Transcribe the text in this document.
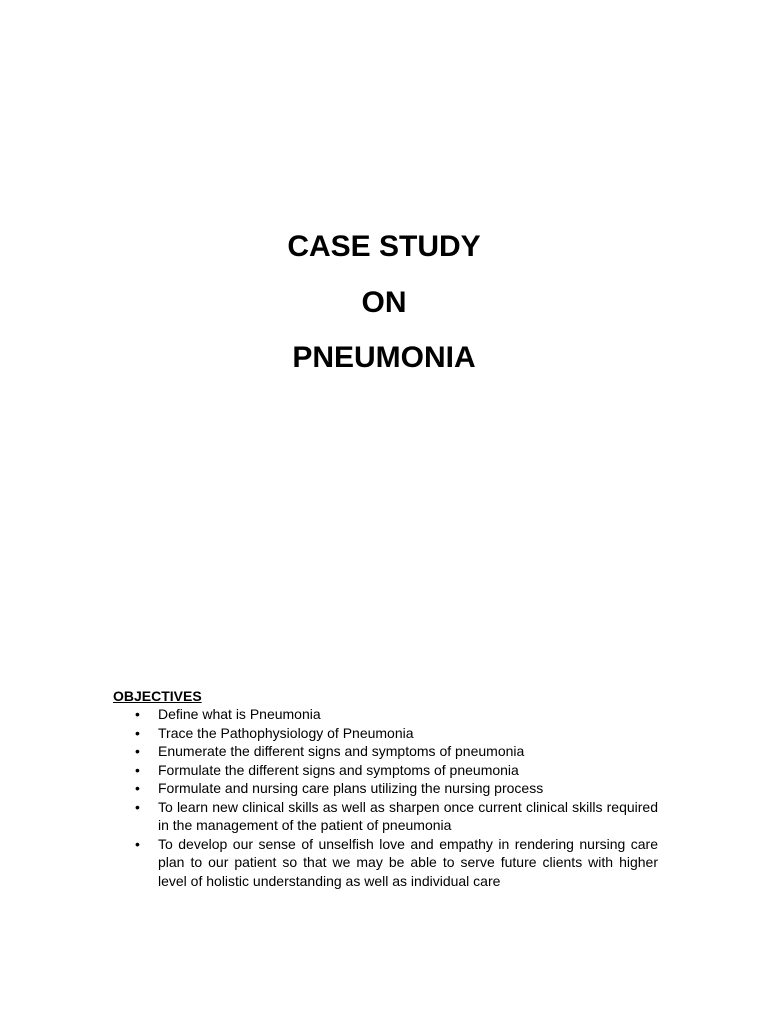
CASE STUDY
ON
PNEUMONIA
OBJECTIVES
• Define what is Pneumonia
• Trace the Pathophysiology of Pneumonia
• Enumerate the different signs and symptoms of pneumonia
• Formulate the different signs and symptoms of pneumonia
• Formulate and nursing care plans utilizing the nursing process
• To learn new clinical skills as well as sharpen once current clinical skills required in the management of the patient of pneumonia
• To develop our sense of unselfish love and empathy in rendering nursing care plan to our patient so that we may be able to serve future clients with higher level of holistic understanding as well as individual care
